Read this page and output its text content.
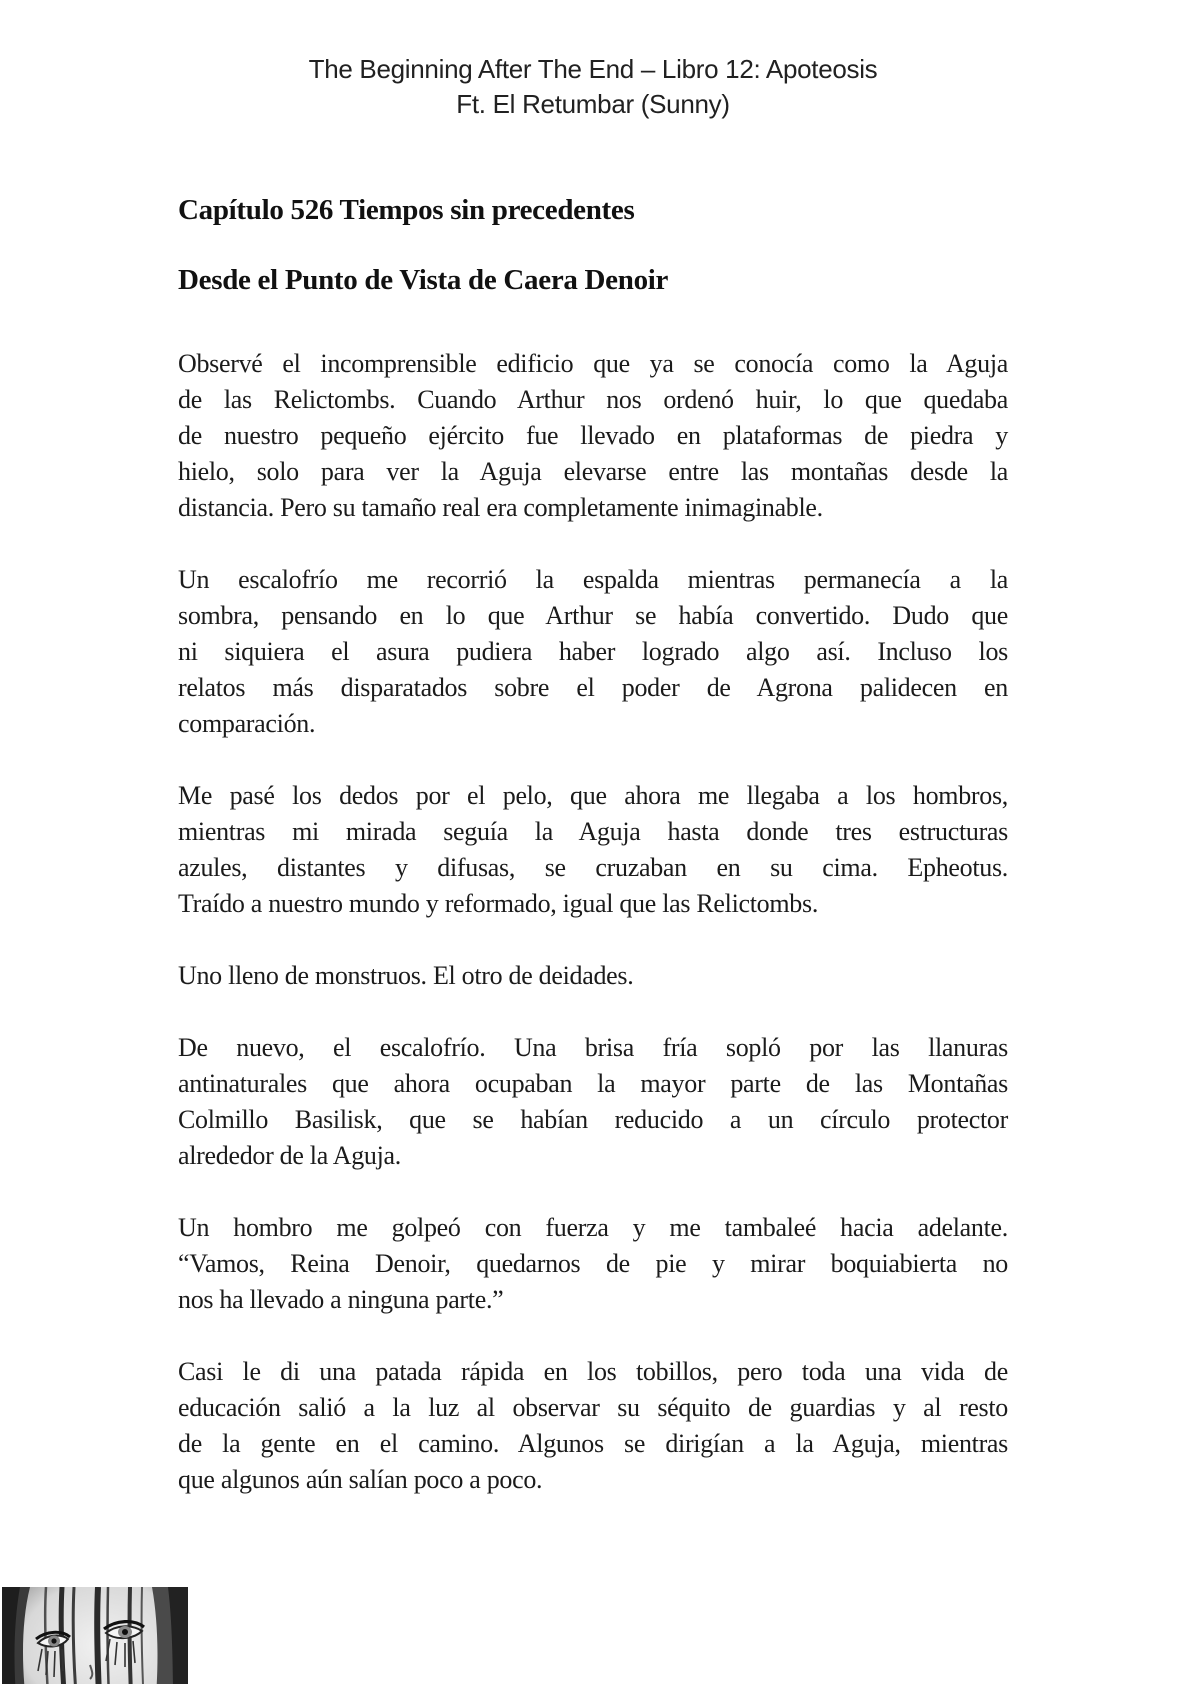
The Beginning After The End – Libro 12: Apoteosis
Ft. El Retumbar (Sunny)
Capítulo 526 Tiempos sin precedentes
Desde el Punto de Vista de Caera Denoir
Observé el incomprensible edificio que ya se conocía como la Aguja
de las Relictombs. Cuando Arthur nos ordenó huir, lo que quedaba
de nuestro pequeño ejército fue llevado en plataformas de piedra y
hielo, solo para ver la Aguja elevarse entre las montañas desde la
distancia. Pero su tamaño real era completamente inimaginable.
Un escalofrío me recorrió la espalda mientras permanecía a la
sombra, pensando en lo que Arthur se había convertido. Dudo que
ni siquiera el asura pudiera haber logrado algo así. Incluso los
relatos más disparatados sobre el poder de Agrona palidecen en
comparación.
Me pasé los dedos por el pelo, que ahora me llegaba a los hombros,
mientras mi mirada seguía la Aguja hasta donde tres estructuras
azules, distantes y difusas, se cruzaban en su cima. Epheotus.
Traído a nuestro mundo y reformado, igual que las Relictombs.
Uno lleno de monstruos. El otro de deidades.
De nuevo, el escalofrío. Una brisa fría sopló por las llanuras
antinaturales que ahora ocupaban la mayor parte de las Montañas
Colmillo Basilisk, que se habían reducido a un círculo protector
alrededor de la Aguja.
Un hombro me golpeó con fuerza y me tambaleé hacia adelante.
“Vamos, Reina Denoir, quedarnos de pie y mirar boquiabierta no
nos ha llevado a ninguna parte.”
Casi le di una patada rápida en los tobillos, pero toda una vida de
educación salió a la luz al observar su séquito de guardias y al resto
de la gente en el camino. Algunos se dirigían a la Aguja, mientras
que algunos aún salían poco a poco.
